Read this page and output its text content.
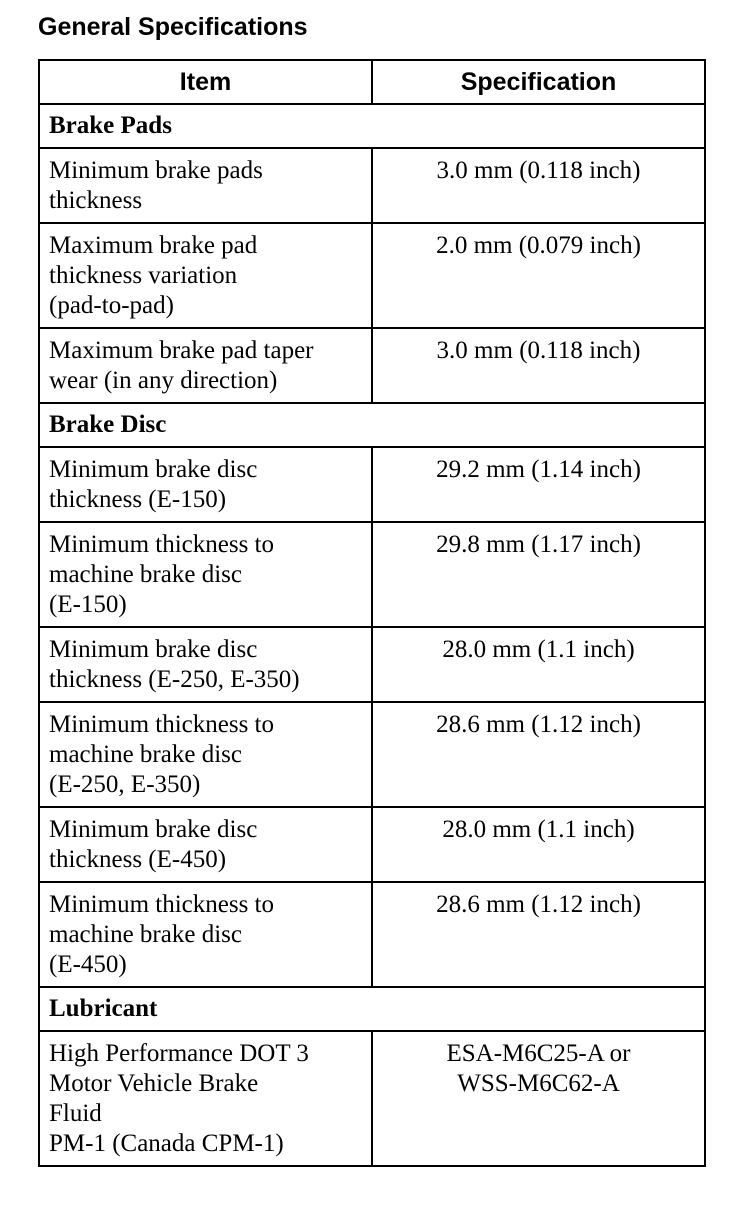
General Specifications
Item	Specification
Brake Pads	
Minimum brake pads
thickness	3.0 mm (0.118 inch)
Maximum brake pad
thickness variation
(pad-to-pad)	2.0 mm (0.079 inch)
Maximum brake pad taper
wear (in any direction)	3.0 mm (0.118 inch)
Brake Disc	
Minimum brake disc
thickness (E-150)	29.2 mm (1.14 inch)
Minimum thickness to
machine brake disc
(E-150)	29.8 mm (1.17 inch)
Minimum brake disc
thickness (E-250, E-350)	28.0 mm (1.1 inch)
Minimum thickness to
machine brake disc
(E-250, E-350)	28.6 mm (1.12 inch)
Minimum brake disc
thickness (E-450)	28.0 mm (1.1 inch)
Minimum thickness to
machine brake disc
(E-450)	28.6 mm (1.12 inch)
Lubricant	
High Performance DOT 3
Motor Vehicle Brake
Fluid
PM-1 (Canada CPM-1)	ESA-M6C25-A or
WSS-M6C62-A
